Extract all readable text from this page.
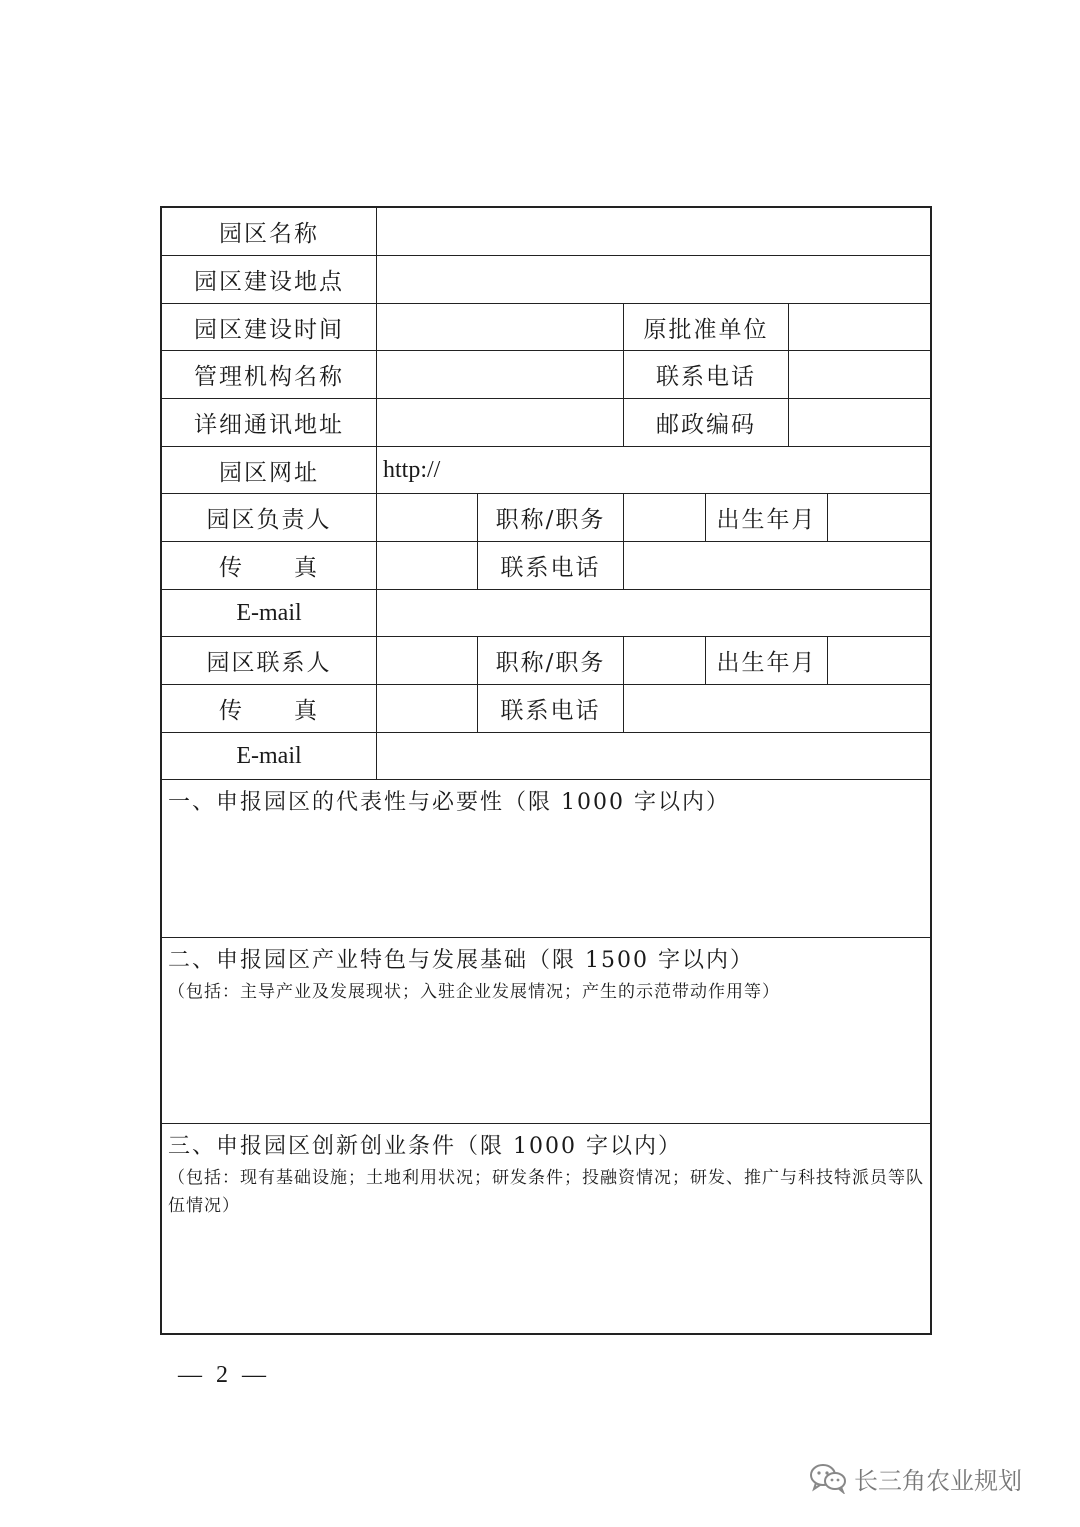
园区名称
园区建设地点
园区建设时间	原批准单位
管理机构名称	联系电话
详细通讯地址	邮政编码
园区网址	http://
园区负责人	职称/职务	出生年月
传　　真	联系电话
E-mail
园区联系人	职称/职务	出生年月
传　　真	联系电话
E-mail
一、申报园区的代表性与必要性（限 1000 字以内）
二、申报园区产业特色与发展基础（限 1500 字以内）
（包括：主导产业及发展现状；入驻企业发展情况；产生的示范带动作用等）
三、申报园区创新创业条件（限 1000 字以内）
（包括：现有基础设施；土地利用状况；研发条件；投融资情况；研发、推广与科技特派员等队伍情况）
— 2 —
长三角农业规划
